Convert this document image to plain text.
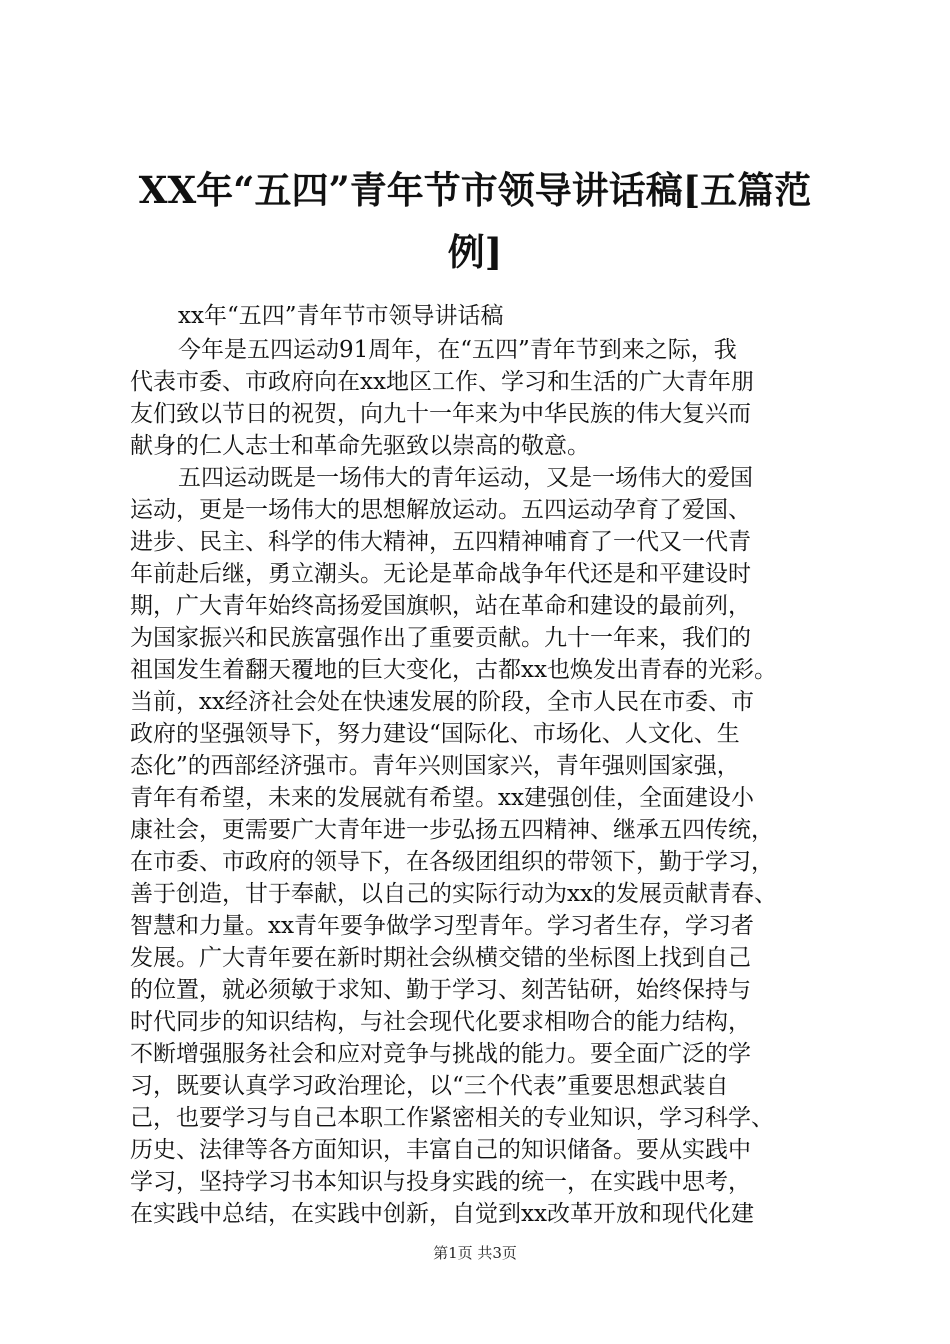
XX年“五四”青年节市领导讲话稿[五篇范
例]

xx年“五四”青年节市领导讲话稿

今年是五四运动91周年，在“五四”青年节到来之际，我

代表市委、市政府向在xx地区工作、学习和生活的广大青年朋

友们致以节日的祝贺，向九十一年来为中华民族的伟大复兴而

献身的仁人志士和革命先驱致以崇高的敬意。

五四运动既是一场伟大的青年运动，又是一场伟大的爱国

运动，更是一场伟大的思想解放运动。五四运动孕育了爱国、

进步、民主、科学的伟大精神，五四精神哺育了一代又一代青

年前赴后继，勇立潮头。无论是革命战争年代还是和平建设时

期，广大青年始终高扬爱国旗帜，站在革命和建设的最前列，

为国家振兴和民族富强作出了重要贡献。九十一年来，我们的

祖国发生着翻天覆地的巨大变化，古都xx也焕发出青春的光彩。

当前，xx经济社会处在快速发展的阶段，全市人民在市委、市

政府的坚强领导下，努力建设“国际化、市场化、人文化、生

态化”的西部经济强市。青年兴则国家兴，青年强则国家强，

青年有希望，未来的发展就有希望。xx建强创佳，全面建设小

康社会，更需要广大青年进一步弘扬五四精神、继承五四传统，

在市委、市政府的领导下，在各级团组织的带领下，勤于学习，

善于创造，甘于奉献，以自己的实际行动为xx的发展贡献青春、

智慧和力量。xx青年要争做学习型青年。学习者生存，学习者

发展。广大青年要在新时期社会纵横交错的坐标图上找到自己

的位置，就必须敏于求知、勤于学习、刻苦钻研，始终保持与

时代同步的知识结构，与社会现代化要求相吻合的能力结构，

不断增强服务社会和应对竞争与挑战的能力。要全面广泛的学

习，既要认真学习政治理论，以“三个代表”重要思想武装自

己，也要学习与自己本职工作紧密相关的专业知识，学习科学、

历史、法律等各方面知识，丰富自己的知识储备。要从实践中

学习，坚持学习书本知识与投身实践的统一，在实践中思考，

在实践中总结，在实践中创新，自觉到xx改革开放和现代化建

第1页 共3页
